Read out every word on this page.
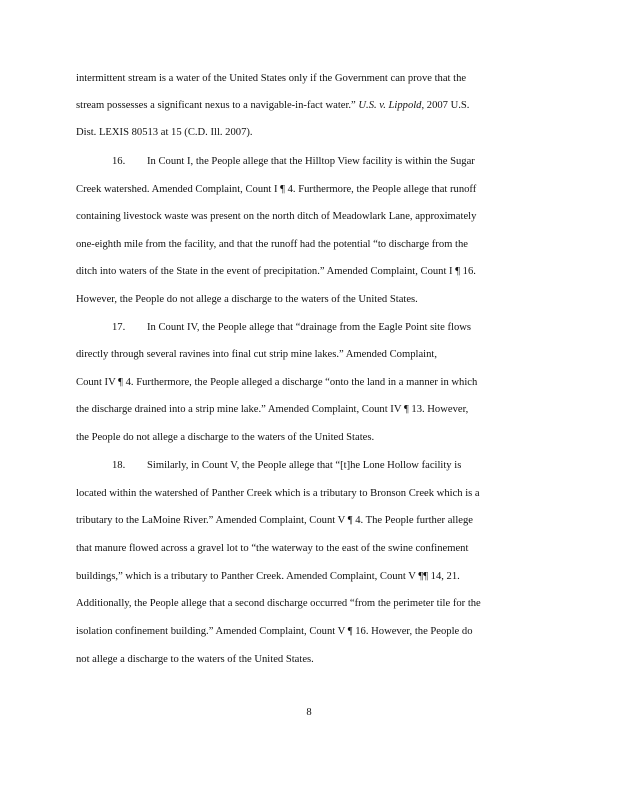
intermittent stream is a water of the United States only if the Government can prove that the
stream possesses a significant nexus to a navigable-in-fact water.” U.S. v. Lippold, 2007 U.S.
Dist. LEXIS 80513 at 15 (C.D. Ill. 2007).
16. In Count I, the People allege that the Hilltop View facility is within the Sugar
Creek watershed. Amended Complaint, Count I ¶ 4. Furthermore, the People allege that runoff
containing livestock waste was present on the north ditch of Meadowlark Lane, approximately
one-eighth mile from the facility, and that the runoff had the potential “to discharge from the
ditch into waters of the State in the event of precipitation.” Amended Complaint, Count I ¶ 16.
However, the People do not allege a discharge to the waters of the United States.
17. In Count IV, the People allege that “drainage from the Eagle Point site flows
directly through several ravines into final cut strip mine lakes.” Amended Complaint,
Count IV ¶ 4. Furthermore, the People alleged a discharge “onto the land in a manner in which
the discharge drained into a strip mine lake.” Amended Complaint, Count IV ¶ 13. However,
the People do not allege a discharge to the waters of the United States.
18. Similarly, in Count V, the People allege that “[t]he Lone Hollow facility is
located within the watershed of Panther Creek which is a tributary to Bronson Creek which is a
tributary to the LaMoine River.” Amended Complaint, Count V ¶ 4. The People further allege
that manure flowed across a gravel lot to “the waterway to the east of the swine confinement
buildings,” which is a tributary to Panther Creek. Amended Complaint, Count V ¶¶ 14, 21.
Additionally, the People allege that a second discharge occurred “from the perimeter tile for the
isolation confinement building.” Amended Complaint, Count V ¶ 16. However, the People do
not allege a discharge to the waters of the United States.
8
